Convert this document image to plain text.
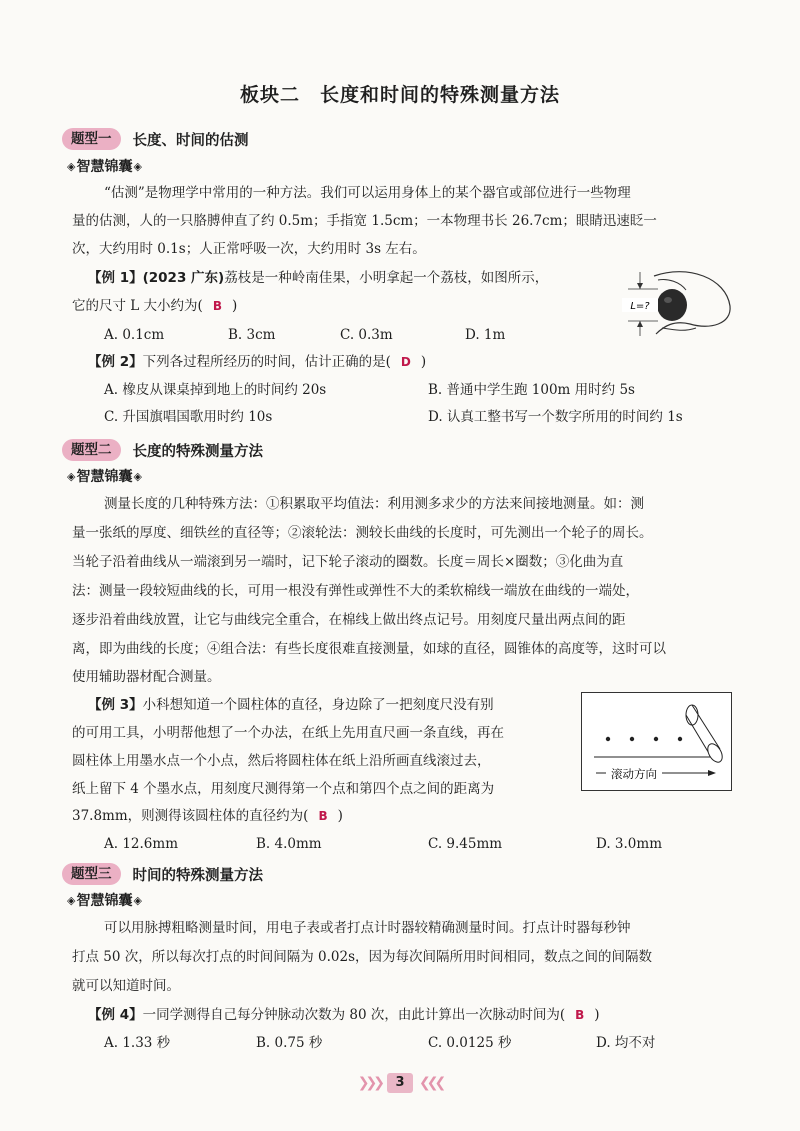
板块二　长度和时间的特殊测量方法
题型一	长度、时间的估测
◈ 智慧锦囊 ◈
“估测”是物理学中常用的一种方法。我们可以运用身体上的某个器官或部位进行一些物理
量的估测，人的一只胳膊伸直了约 0.5m；手指宽 1.5cm；一本物理书长 26.7cm；眼睛迅速眨一
次，大约用时 0.1s；人正常呼吸一次，大约用时 3s 左右。
【例 1】(2023 广东)荔枝是一种岭南佳果，小明拿起一个荔枝，如图所示，
它的尺寸 L 大小约为( B )	L=?
A. 0.1cm	B. 3cm	C. 0.3m	D. 1m
【例 2】下列各过程所经历的时间，估计正确的是( D )
A. 橡皮从课桌掉到地上的时间约 20s	B. 普通中学生跑 100m 用时约 5s
C. 升国旗唱国歌用时约 10s	D. 认真工整书写一个数字所用的时间约 1s
题型二	长度的特殊测量方法
◈ 智慧锦囊 ◈
测量长度的几种特殊方法：①积累取平均值法：利用测多求少的方法来间接地测量。如：测
量一张纸的厚度、细铁丝的直径等；②滚轮法：测较长曲线的长度时，可先测出一个轮子的周长。
当轮子沿着曲线从一端滚到另一端时，记下轮子滚动的圈数。长度＝周长×圈数；③化曲为直
法：测量一段较短曲线的长，可用一根没有弹性或弹性不大的柔软棉线一端放在曲线的一端处，
逐步沿着曲线放置，让它与曲线完全重合，在棉线上做出终点记号。用刻度尺量出两点间的距
离，即为曲线的长度；④组合法：有些长度很难直接测量，如球的直径，圆锥体的高度等，这时可以
使用辅助器材配合测量。
【例 3】小科想知道一个圆柱体的直径，身边除了一把刻度尺没有别
的可用工具，小明帮他想了一个办法，在纸上先用直尺画一条直线，再在
圆柱体上用墨水点一个小点，然后将圆柱体在纸上沿所画直线滚过去，
纸上留下 4 个墨水点，用刻度尺测得第一个点和第四个点之间的距离为
37.8mm，则测得该圆柱体的直径约为( B )
滚动方向
A. 12.6mm	B. 4.0mm	C. 9.45mm	D. 3.0mm
题型三	时间的特殊测量方法
◈ 智慧锦囊 ◈
可以用脉搏粗略测量时间，用电子表或者打点计时器较精确测量时间。打点计时器每秒钟
打点 50 次，所以每次打点的时间间隔为 0.02s，因为每次间隔所用时间相同，数点之间的间隔数
就可以知道时间。
【例 4】一同学测得自己每分钟脉动次数为 80 次，由此计算出一次脉动时间为( B )
A. 1.33 秒	B. 0.75 秒	C. 0.0125 秒	D. 均不对
❯❯❯	3	❮❮❮
